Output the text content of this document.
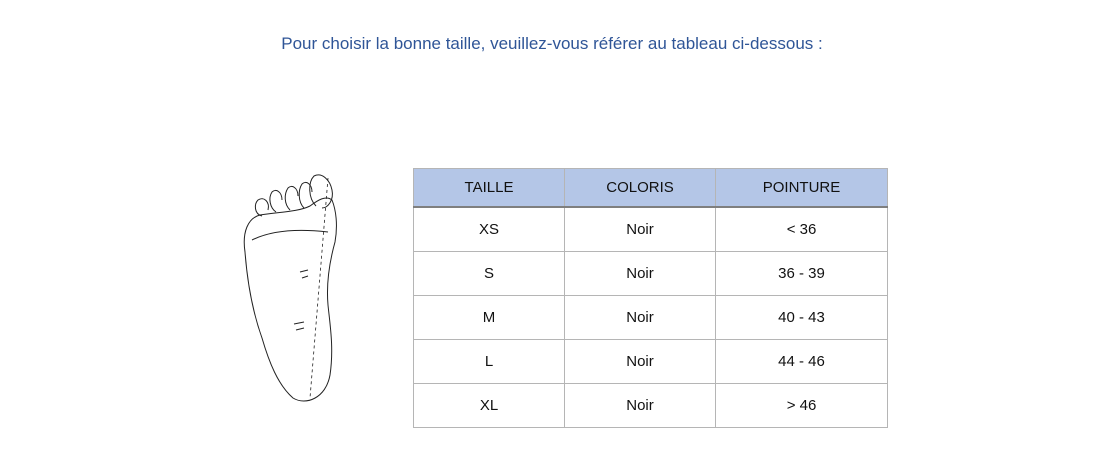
Pour choisir la bonne taille, veuillez-vous référer au tableau ci-dessous :
TAILLE	COLORIS	POINTURE
XS	Noir	< 36
S	Noir	36 - 39
M	Noir	40 - 43
L	Noir	44 - 46
XL	Noir	> 46
